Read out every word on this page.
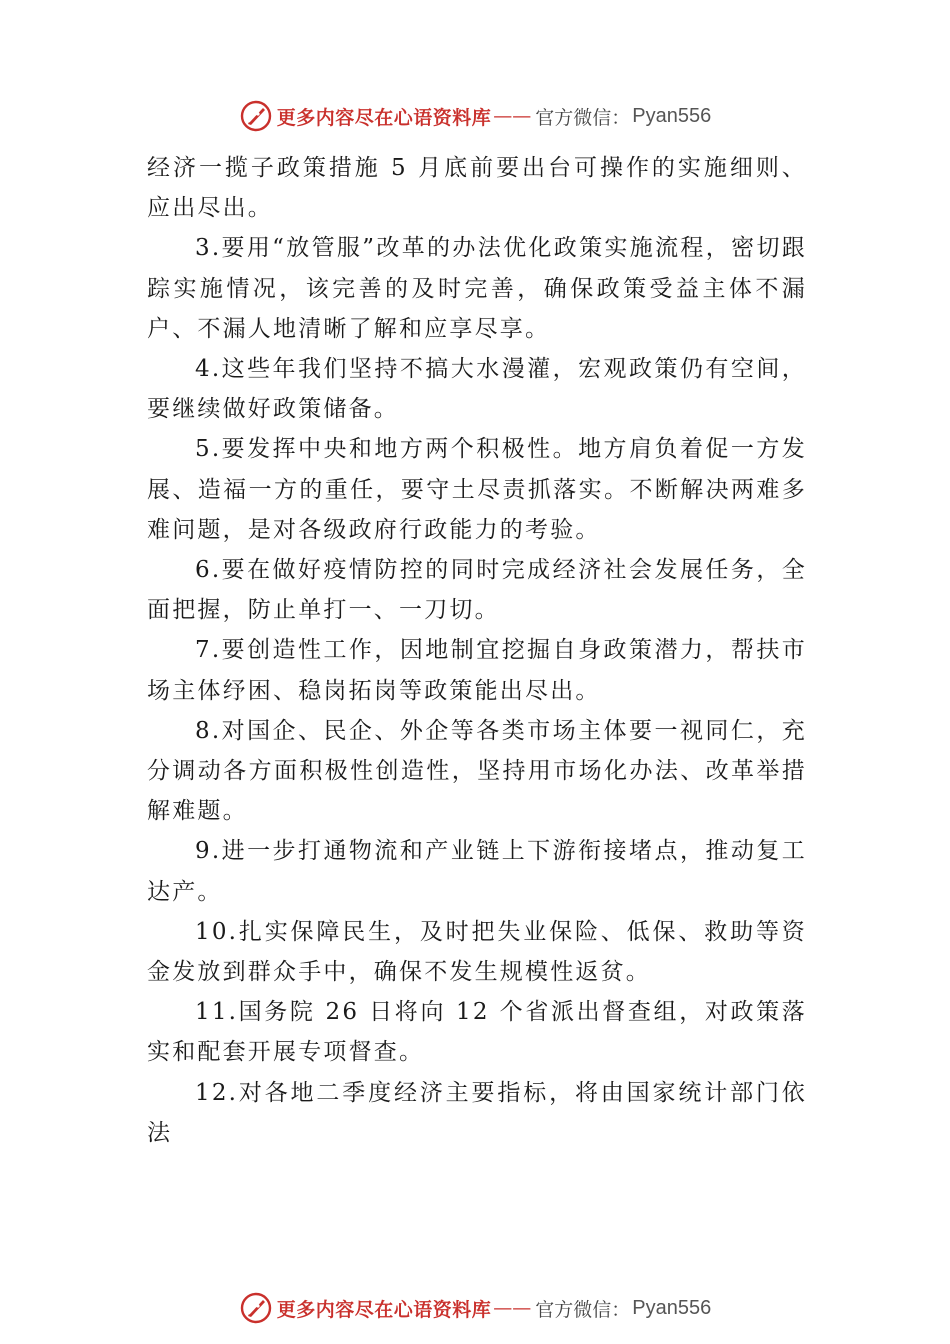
更多内容尽在心语资料库 —— 官方微信： Pyan556

经济一揽子政策措施 5 月底前要出台可操作的实施细则、应出尽出。

3.要用“放管服”改革的办法优化政策实施流程，密切跟踪实施情况，该完善的及时完善，确保政策受益主体不漏户、不漏人地清晰了解和应享尽享。

4.这些年我们坚持不搞大水漫灌，宏观政策仍有空间，要继续做好政策储备。

5.要发挥中央和地方两个积极性。地方肩负着促一方发展、造福一方的重任，要守土尽责抓落实。不断解决两难多难问题，是对各级政府行政能力的考验。

6.要在做好疫情防控的同时完成经济社会发展任务，全面把握，防止单打一、一刀切。

7.要创造性工作，因地制宜挖掘自身政策潜力，帮扶市场主体纾困、稳岗拓岗等政策能出尽出。

8.对国企、民企、外企等各类市场主体要一视同仁，充分调动各方面积极性创造性，坚持用市场化办法、改革举措解难题。

9.进一步打通物流和产业链上下游衔接堵点，推动复工达产。

10.扎实保障民生，及时把失业保险、低保、救助等资金发放到群众手中，确保不发生规模性返贫。

11.国务院 26 日将向 12 个省派出督查组，对政策落实和配套开展专项督查。

12.对各地二季度经济主要指标，将由国家统计部门依法

更多内容尽在心语资料库 —— 官方微信： Pyan556
